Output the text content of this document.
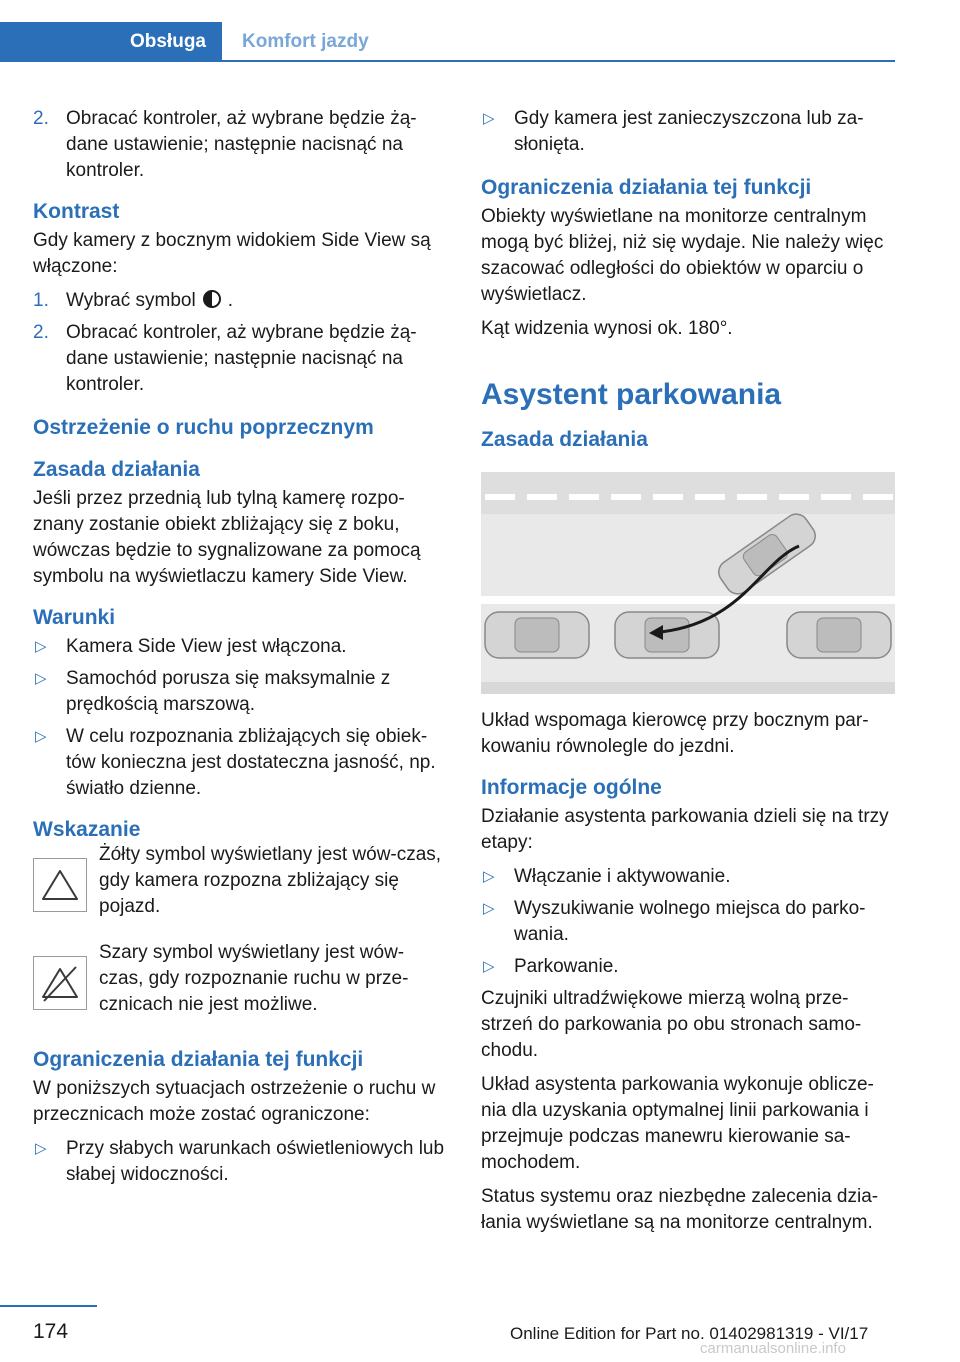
Obsługa	Komfort jazdy
2. Obracać kontroler, aż wybrane będzie żą-dane ustawienie; następnie nacisnąć na kontroler.
Kontrast

Gdy kamery z bocznym widokiem Side View są włączone:

1. Wybrać symbol .
2. Obracać kontroler, aż wybrane będzie żą-dane ustawienie; następnie nacisnąć na kontroler.
Ostrzeżenie o ruchu poprzecznym
Zasada działania

Jeśli przez przednią lub tylną kamerę rozpo-znany zostanie obiekt zbliżający się z boku, wówczas będzie to sygnalizowane za pomocą symbolu na wyświetlaczu kamery Side View.

Warunki
▷ Kamera Side View jest włączona.
▷ Samochód porusza się maksymalnie z prędkością marszową.
▷ W celu rozpoznania zbliżających się obiek-tów konieczna jest dostateczna jasność, np. światło dzienne.
Wskazanie
Żółty symbol wyświetlany jest wów-czas, gdy kamera rozpozna zbliżający się pojazd.
Szary symbol wyświetlany jest wów-czas, gdy rozpoznanie ruchu w prze-cznicach nie jest możliwe.
Ograniczenia działania tej funkcji

W poniższych sytuacjach ostrzeżenie o ruchu w przecznicach może zostać ograniczone:

▷ Przy słabych warunkach oświetleniowych lub słabej widoczności.
▷ Gdy kamera jest zanieczyszczona lub za-słonięta.
Ograniczenia działania tej funkcji

Obiekty wyświetlane na monitorze centralnym mogą być bliżej, niż się wydaje. Nie należy więc szacować odległości do obiektów w oparciu o wyświetlacz.

Kąt widzenia wynosi ok. 180°.

Asystent parkowania
Zasada działania

Układ wspomaga kierowcę przy bocznym par-kowaniu równolegle do jezdni.

Informacje ogólne

Działanie asystenta parkowania dzieli się na trzy etapy:

▷ Włączanie i aktywowanie.
▷ Wyszukiwanie wolnego miejsca do parko-wania.
▷ Parkowanie.

Czujniki ultradźwiękowe mierzą wolną prze-strzeń do parkowania po obu stronach samo-chodu.

Układ asystenta parkowania wykonuje oblicze-nia dla uzyskania optymalnej linii parkowania i przejmuje podczas manewru kierowanie sa-mochodem.

Status systemu oraz niezbędne zalecenia dzia-łania wyświetlane są na monitorze centralnym.

174	Online Edition for Part no. 01402981319 - VI/17
carmanualsonline.info
